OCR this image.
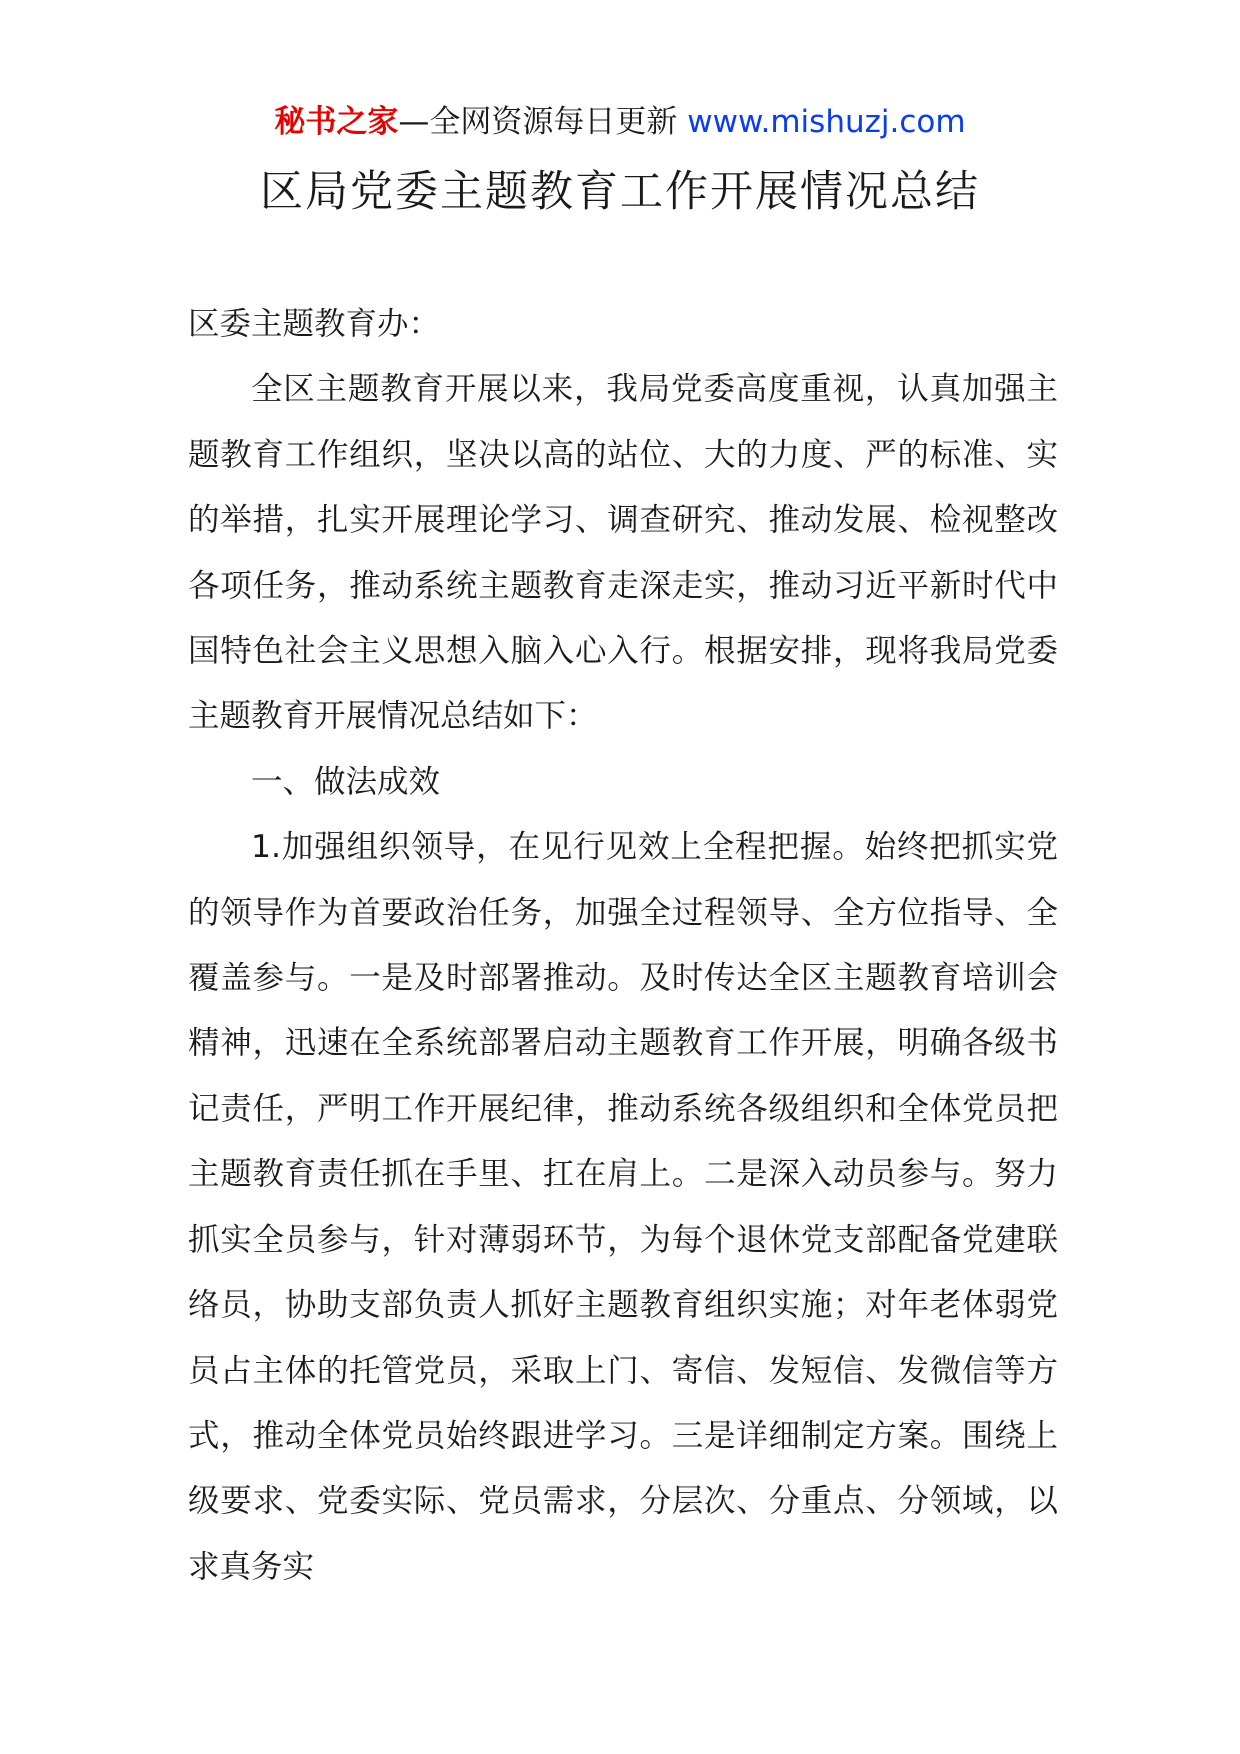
秘书之家—全网资源每日更新 www.mishuzj.com
区局党委主题教育工作开展情况总结

区委主题教育办：

全区主题教育开展以来，我局党委高度重视，认真加强主题教育工作组织，坚决以高的站位、大的力度、严的标准、实的举措，扎实开展理论学习、调查研究、推动发展、检视整改各项任务，推动系统主题教育走深走实，推动习近平新时代中国特色社会主义思想入脑入心入行。根据安排，现将我局党委主题教育开展情况总结如下：

一、做法成效

1.加强组织领导，在见行见效上全程把握。始终把抓实党的领导作为首要政治任务，加强全过程领导、全方位指导、全覆盖参与。一是及时部署推动。及时传达全区主题教育培训会精神，迅速在全系统部署启动主题教育工作开展，明确各级书记责任，严明工作开展纪律，推动系统各级组织和全体党员把主题教育责任抓在手里、扛在肩上。二是深入动员参与。努力抓实全员参与，针对薄弱环节，为每个退休党支部配备党建联络员，协助支部负责人抓好主题教育组织实施；对年老体弱党员占主体的托管党员，采取上门、寄信、发短信、发微信等方式，推动全体党员始终跟进学习。三是详细制定方案。围绕上级要求、党委实际、党员需求，分层次、分重点、分领域，以求真务实
